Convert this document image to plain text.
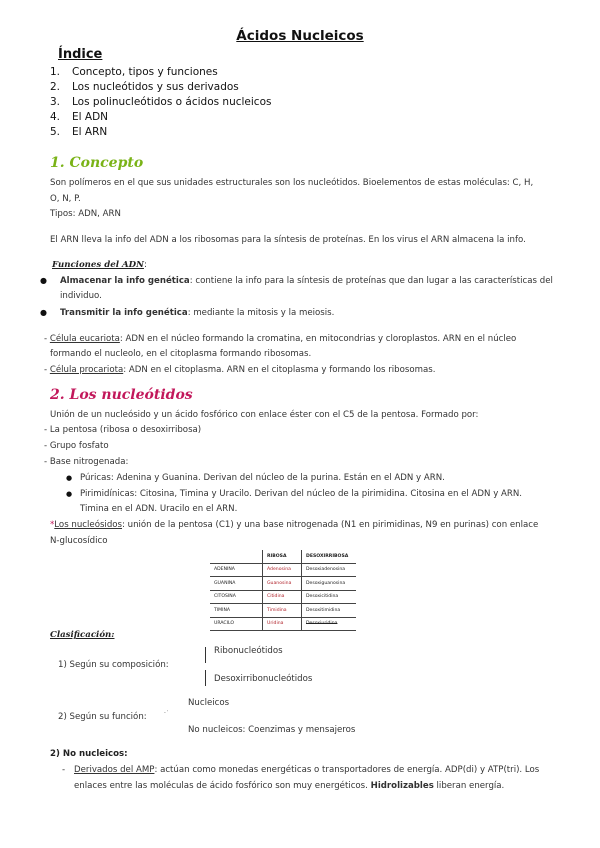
Ácidos Nucleicos
Índice
1. Concepto, tipos y funciones
2. Los nucleótidos y sus derivados
3. Los polinucleótidos o ácidos nucleicos
4. El ADN
5. El ARN
1. Concepto
Son polímeros en el que sus unidades estructurales son los nucleótidos. Bioelementos de estas moléculas: C, H,
O, N, P.
Tipos: ADN, ARN
El ARN lleva la info del ADN a los ribosomas para la síntesis de proteínas. En los virus el ARN almacena la info.
Funciones del ADN:
● Almacenar la info genética: contiene la info para la síntesis de proteínas que dan lugar a las características del
individuo.
● Transmitir la info genética: mediante la mitosis y la meiosis.
- Célula eucariota: ADN en el núcleo formando la cromatina, en mitocondrias y cloroplastos. ARN en el núcleo
formando el nucleolo, en el citoplasma formando ribosomas.
- Célula procariota: ADN en el citoplasma. ARN en el citoplasma y formando los ribosomas.
2. Los nucleótidos
Unión de un nucleósido y un ácido fosfórico con enlace éster con el C5 de la pentosa. Formado por:
- La pentosa (ribosa o desoxirribosa)
- Grupo fosfato
- Base nitrogenada:
● Púricas: Adenina y Guanina. Derivan del núcleo de la purina. Están en el ADN y ARN.
● Pirimidínicas: Citosina, Timina y Uracilo. Derivan del núcleo de la pirimidina. Citosina en el ADN y ARN.
Timina en el ADN. Uracilo en el ARN.
*Los nucleósidos: unión de la pentosa (C1) y una base nitrogenada (N1 en pirimidinas, N9 en purinas) con enlace
N-glucosídico
	RIBOSA	DESOXIRRIBOSA
ADENINA	Adenosina	Desoxiadenosina
GUANINA	Guanosina	Desoxiguanosina
CITOSINA	Citidina	Desoxicitidina
TIMINA	Timidina	Desoxitimidina
URACILO	Uridina	Desoxiuridina
Clasificación:
1) Según su composición:
Ribonucleótidos
Desoxirribonucleótidos
2) Según su función:	·˙
Nucleicos
No nucleicos: Coenzimas y mensajeros
2) No nucleicos:
- Derivados del AMP: actúan como monedas energéticas o transportadores de energía. ADP(di) y ATP(tri). Los
enlaces entre las moléculas de ácido fosfórico son muy energéticos. Hidrolizables liberan energía.
